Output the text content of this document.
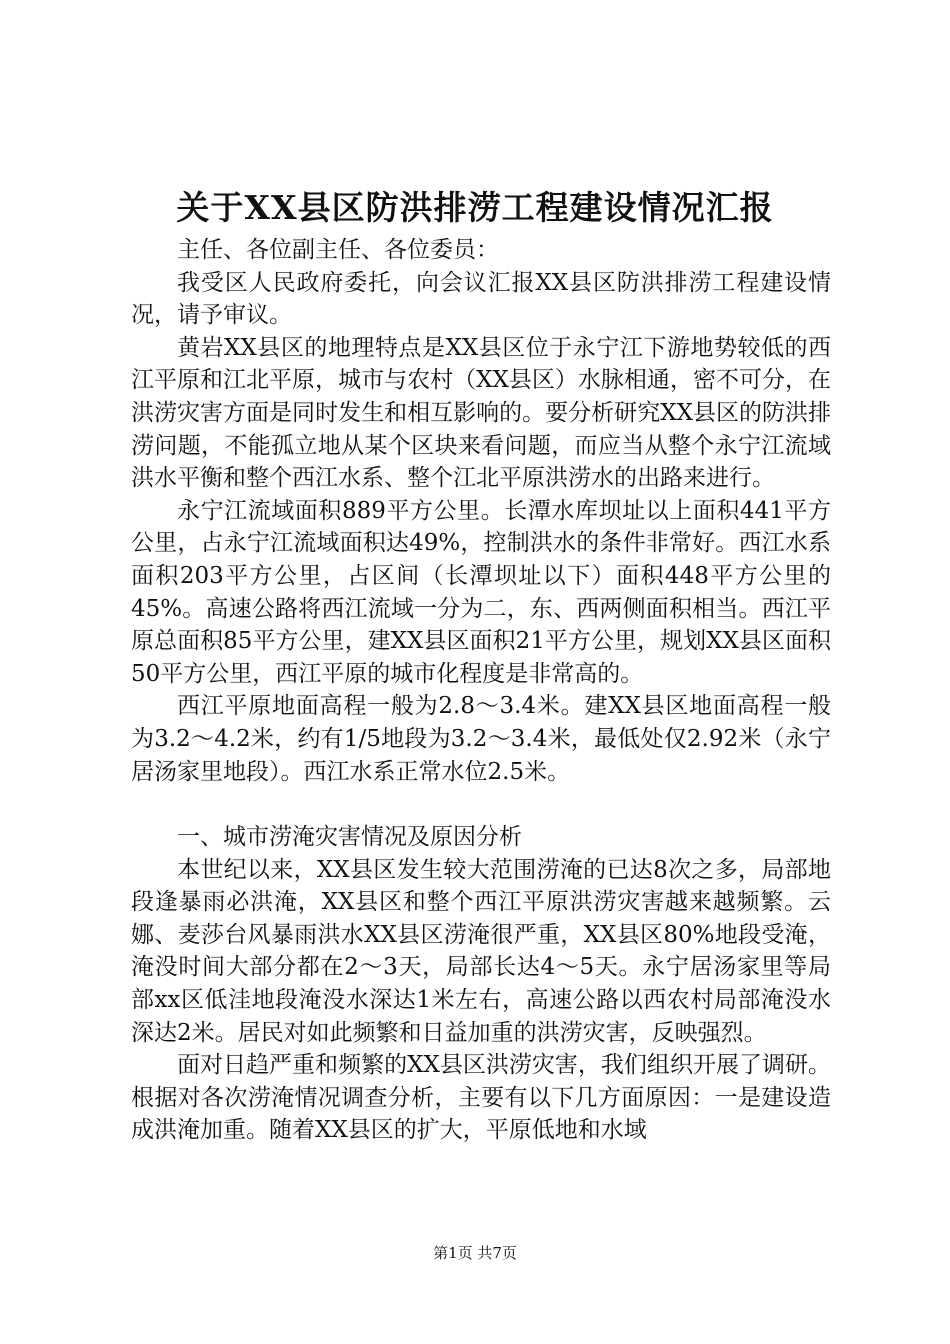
关于XX县区防洪排涝工程建设情况汇报

主任、各位副主任、各位委员：

我受区人民政府委托，向会议汇报XX县区防洪排涝工程建设情况，请予审议。

黄岩XX县区的地理特点是XX县区位于永宁江下游地势较低的西江平原和江北平原，城市与农村（XX县区）水脉相通，密不可分，在洪涝灾害方面是同时发生和相互影响的。要分析研究XX县区的防洪排涝问题，不能孤立地从某个区块来看问题，而应当从整个永宁江流域洪水平衡和整个西江水系、整个江北平原洪涝水的出路来进行。

永宁江流域面积889平方公里。长潭水库坝址以上面积441平方公里，占永宁江流域面积达49%，控制洪水的条件非常好。西江水系面积203平方公里，占区间（长潭坝址以下）面积448平方公里的45%。高速公路将西江流域一分为二，东、西两侧面积相当。西江平原总面积85平方公里，建XX县区面积21平方公里，规划XX县区面积50平方公里，西江平原的城市化程度是非常高的。

西江平原地面高程一般为2.8～3.4米。建XX县区地面高程一般为3.2～4.2米，约有1/5地段为3.2～3.4米，最低处仅2.92米（永宁居汤家里地段）。西江水系正常水位2.5米。

一、城市涝淹灾害情况及原因分析

本世纪以来，XX县区发生较大范围涝淹的已达8次之多，局部地段逢暴雨必洪淹，XX县区和整个西江平原洪涝灾害越来越频繁。云娜、麦莎台风暴雨洪水XX县区涝淹很严重，XX县区80%地段受淹，淹没时间大部分都在2～3天，局部长达4～5天。永宁居汤家里等局部xx区低洼地段淹没水深达1米左右，高速公路以西农村局部淹没水深达2米。居民对如此频繁和日益加重的洪涝灾害，反映强烈。

面对日趋严重和频繁的XX县区洪涝灾害，我们组织开展了调研。根据对各次涝淹情况调查分析，主要有以下几方面原因：一是建设造成洪淹加重。随着XX县区的扩大，平原低地和水域

第1页 共7页
